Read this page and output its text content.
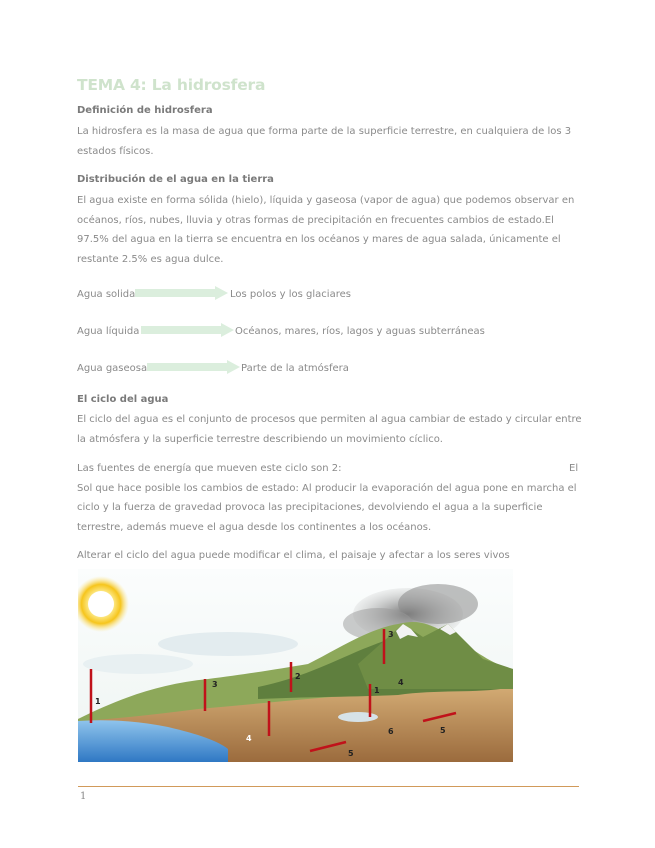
TEMA 4: La hidrosfera
Definición de hidrosfera
La hidrosfera es la masa de agua que forma parte de la superficie terrestre, en cualquiera de los 3
estados físicos.
Distribución de el agua en la tierra
El agua existe en forma sólida (hielo), líquida y gaseosa (vapor de agua) que podemos observar en
océanos, ríos, nubes, lluvia y otras formas de precipitación en frecuentes cambios de estado.El
97.5% del agua en la tierra se encuentra en los océanos y mares de agua salada, únicamente el
restante 2.5% es agua dulce.
Agua solida	Los polos y los glaciares
Agua líquida	Océanos, mares, ríos, lagos y aguas subterráneas
Agua gaseosa	Parte de la atmósfera
El ciclo del agua
El ciclo del agua es el conjunto de procesos que permiten al agua cambiar de estado y circular entre
la atmósfera y la superficie terrestre describiendo un movimiento cíclico.
Las fuentes de energía que mueven este ciclo son 2:	El
Sol que hace posible los cambios de estado: Al producir la evaporación del agua pone en marcha el
ciclo y la fuerza de gravedad provoca las precipitaciones, devolviendo el agua a la superficie
terrestre, además mueve el agua desde los continentes a los océanos.
Alterar el ciclo del agua puede modificar el clima, el paisaje y afectar a los seres vivos
1
3
4
2
3
1
4
6	5
5
1
